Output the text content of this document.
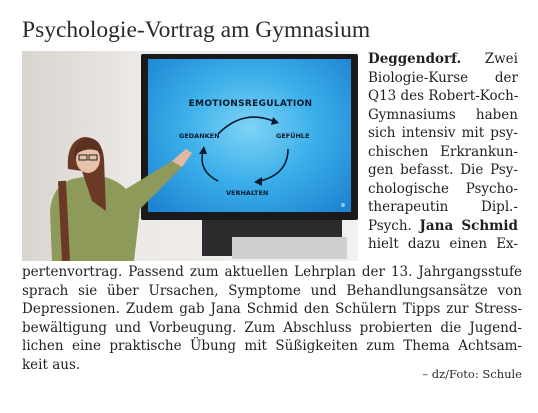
Psychologie-Vortrag am Gymnasium
EMOTIONSREGULATION
GEDANKEN	GEFÜHLE
VERHALTEN
Deggendorf. Zwei
Biologie-Kurse der
Q13 des Robert-Koch-
Gymnasiums haben
sich intensiv mit psy-
chischen Erkrankun-
gen befasst. Die Psy-
chologische Psycho-
therapeutin Dipl.-
Psych. Jana Schmid
hielt dazu einen Ex-
pertenvortrag. Passend zum aktuellen Lehrplan der 13. Jahrgangsstufe
sprach sie über Ursachen, Symptome und Behandlungsansätze von
Depressionen. Zudem gab Jana Schmid den Schülern Tipps zur Stress-
bewältigung und Vorbeugung. Zum Abschluss probierten die Jugend-
lichen eine praktische Übung mit Süßigkeiten zum Thema Achtsam-
keit aus.
– dz/Foto: Schule
